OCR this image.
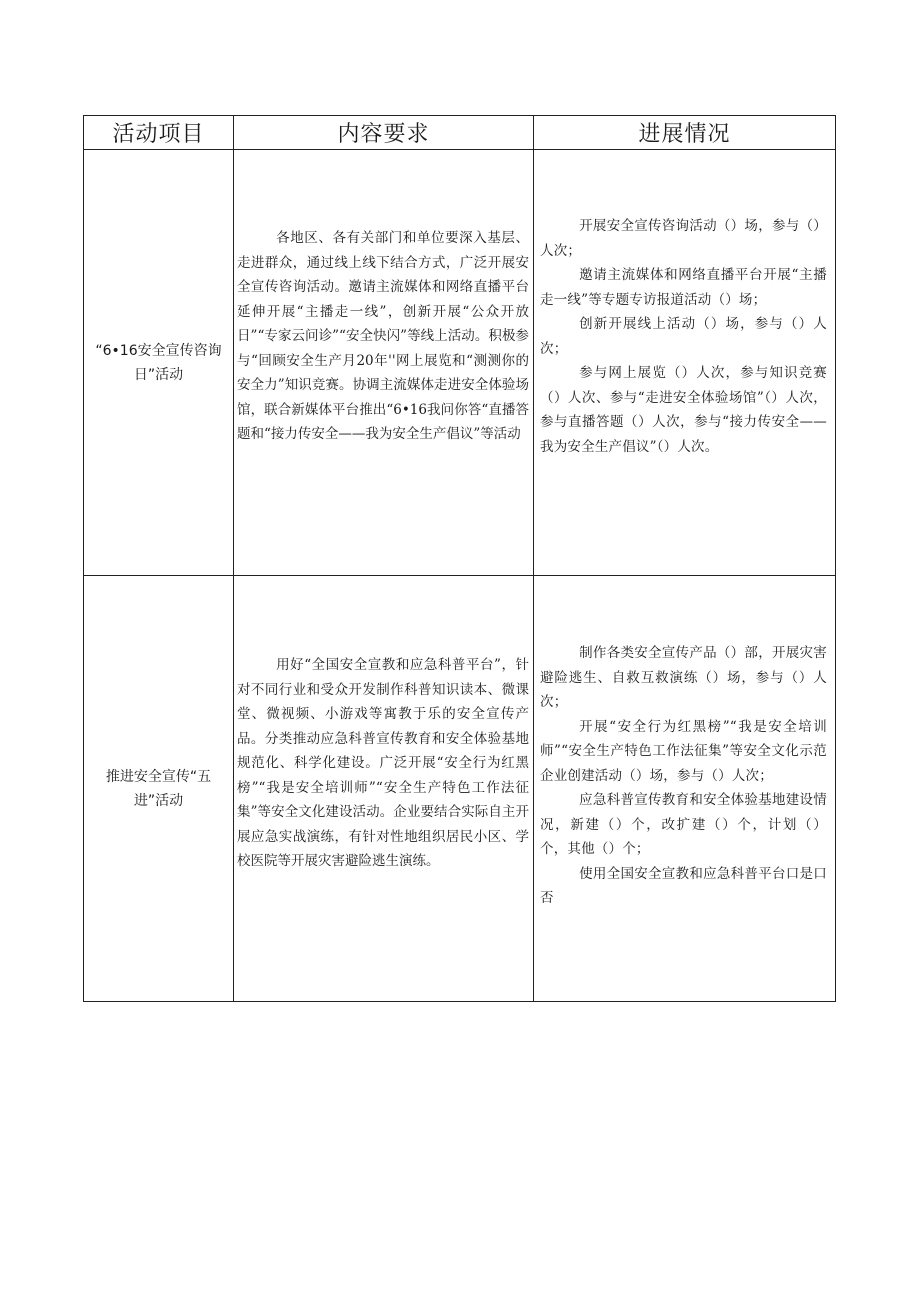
活动项目	内容要求	进展情况
“6•16安全宣传咨询日”活动

各地区、各有关部门和单位要深入基层、走进群众，通过线上线下结合方式，广泛开展安全宣传咨询活动。邀请主流媒体和网络直播平台延伸开展“主播走一线”，创新开展“公众开放日”“专家云问诊”“安全快闪”等线上活动。积极参与“回顾安全生产月20年''网上展览和“测测你的安全力”知识竞赛。协调主流媒体走进安全体验场馆，联合新媒体平台推出“6•16我问你答“直播答题和“接力传安全——我为安全生产倡议”等活动

开展安全宣传咨询活动（）场，参与（）人次；

邀请主流媒体和网络直播平台开展“主播走一线”等专题专访报道活动（）场；

创新开展线上活动（）场，参与（）人次；

参与网上展览（）人次，参与知识竞赛（）人次、参与“走进安全体验场馆”（）人次，参与直播答题（）人次，参与“接力传安全——我为安全生产倡议”（）人次。

推进安全宣传“五进”活动

用好“全国安全宣教和应急科普平台”，针对不同行业和受众开发制作科普知识读本、微课堂、微视频、小游戏等寓教于乐的安全宣传产品。分类推动应急科普宣传教育和安全体验基地规范化、科学化建设。广泛开展“安全行为红黑榜”“我是安全培训师”“安全生产特色工作法征集”等安全文化建设活动。企业要结合实际自主开展应急实战演练，有针对性地组织居民小区、学校医院等开展灾害避险逃生演练。

制作各类安全宣传产品（）部，开展灾害避险逃生、自救互救演练（）场，参与（）人次；

开展“安全行为红黑榜”“我是安全培训师”“安全生产特色工作法征集”等安全文化示范企业创建活动（）场，参与（）人次；

应急科普宣传教育和安全体验基地建设情况，新建（）个，改扩建（）个，计划（）个，其他（）个；

使用全国安全宣教和应急科普平台口是口否
